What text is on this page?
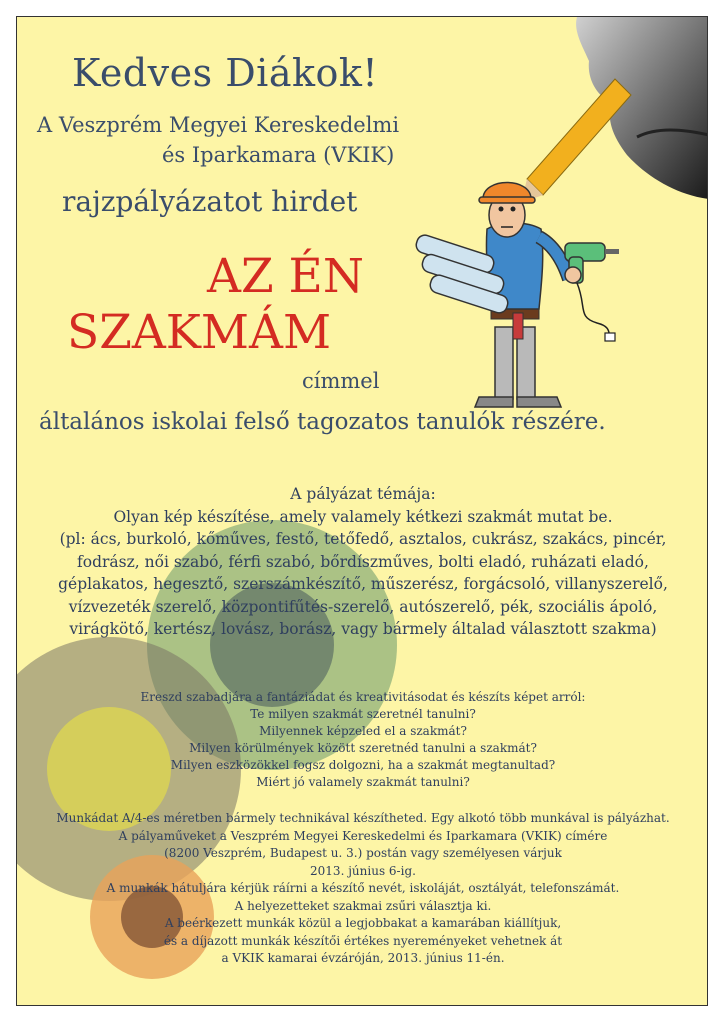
Kedves Diákok!
A Veszprém Megyei Kereskedelmi
és Iparkamara (VKIK)
rajzpályázatot hirdet
AZ ÉN
SZAKMÁM
címmel
általános iskolai felső tagozatos tanulók részére.
A pályázat témája:
Olyan kép készítése, amely valamely kétkezi szakmát mutat be.
(pl: ács, burkoló, kőműves, festő, tetőfedő, asztalos, cukrász, szakács, pincér,
fodrász, női szabó, férfi szabó, bőrdíszműves, bolti eladó, ruházati eladó,
géplakatos, hegesztő, szerszámkészítő, műszerész, forgácsoló, villanyszerelő,
vízvezeték szerelő, központifűtés-szerelő, autószerelő, pék, szociális ápoló,
virágkötő, kertész, lovász, borász, vagy bármely általad választott szakma)
Ereszd szabadjára a fantáziádat és kreativitásodat és készíts képet arról:
Te milyen szakmát szeretnél tanulni?
Milyennek képzeled el a szakmát?
Milyen körülmények között szeretnéd tanulni a szakmát?
Milyen eszközökkel fogsz dolgozni, ha a szakmát megtanultad?
Miért jó valamely szakmát tanulni?
Munkádat A/4-es méretben bármely technikával készítheted. Egy alkotó több munkával is pályázhat.
A pályaműveket a Veszprém Megyei Kereskedelmi és Iparkamara (VKIK) címére
(8200 Veszprém, Budapest u. 3.) postán vagy személyesen várjuk
2013. június 6-ig.
A munkák hátuljára kérjük ráírni a készítő nevét, iskoláját, osztályát, telefonszámát.
A helyezetteket szakmai zsűri választja ki.
A beérkezett munkák közül a legjobbakat a kamarában kiállítjuk,
és a díjazott munkák készítői értékes nyereményeket vehetnek át
a VKIK kamarai évzáróján, 2013. június 11-én.
